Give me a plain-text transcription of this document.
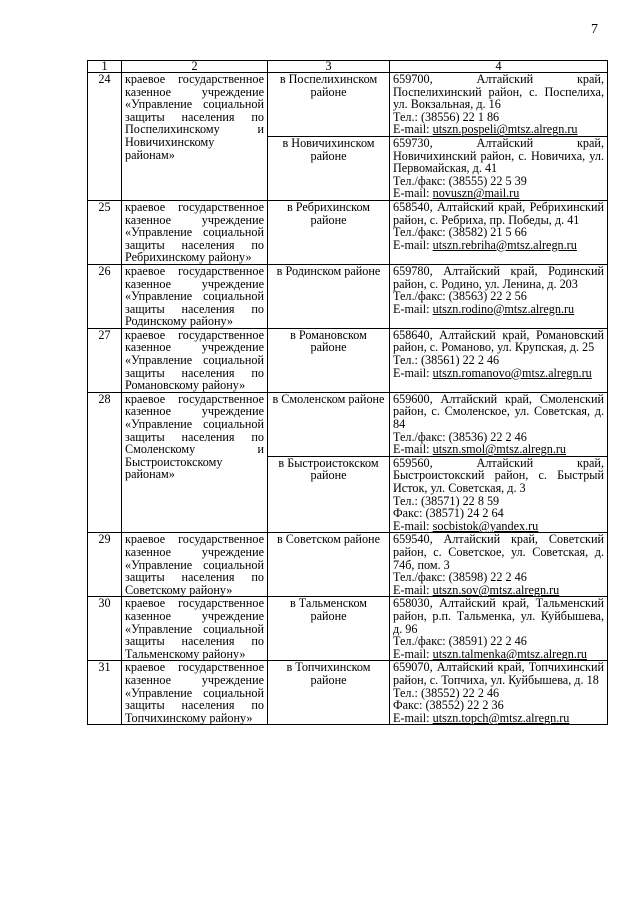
7
1	2	3	4
24	краевое государственное казенное учреждение «Управление социальной защиты населения по Поспелихинскому и Новичихинскому районам»	в Поспелихинском районе	659700, Алтайский край, Поспелихинский район, с. Поспелиха, ул. Вокзальная, д. 16
Тел.: (38556) 22 1 86
E-mail: utszn.pospeli@mtsz.alregn.ru

		в Новичихинском районе	659730, Алтайский край, Новичихинский район, с. Новичиха, ул. Первомайская, д. 41
Тел./факс: (38555) 22 5 39
E-mail: novuszn@mail.ru

25	краевое государственное казенное учреждение «Управление социальной защиты населения по Ребрихинскому району»	в Ребрихинском районе	658540, Алтайский край, Ребрихинский район, с. Ребриха, пр. Победы, д. 41
Тел./факс: (38582) 21 5 66
E-mail: utszn.rebriha@mtsz.alregn.ru

26	краевое государственное казенное учреждение «Управление социальной защиты населения по Родинскому району»	в Родинском районе	659780, Алтайский край, Родинский район, с. Родино, ул. Ленина, д. 203
Тел./факс: (38563) 22 2 56
E-mail: utszn.rodino@mtsz.alregn.ru

27	краевое государственное казенное учреждение «Управление социальной защиты населения по Романовскому району»	в Романовском районе	658640, Алтайский край, Романовский район, с. Романово, ул. Крупская, д. 25
Тел.: (38561) 22 2 46
E-mail: utszn.romanovo@mtsz.alregn.ru

28	краевое государственное казенное учреждение «Управление социальной защиты населения по Смоленскому и Быстроистокскому районам»	в Смоленском районе	659600, Алтайский край, Смоленский район, с. Смоленское, ул. Советская, д. 84
Тел./факс: (38536) 22 2 46
E-mail: utszn.smol@mtsz.alregn.ru

		в Быстроистокском районе	659560, Алтайский край, Быстроистокский район, с. Быстрый Исток, ул. Советская, д. 3
Тел.: (38571) 22 8 59
Факс: (38571) 24 2 64
E-mail: socbistok@yandex.ru

29	краевое государственное казенное учреждение «Управление социальной защиты населения по Советскому району»	в Советском районе	659540, Алтайский край, Советский район, с. Советское, ул. Советская, д. 74б, пом. 3
Тел./факс: (38598) 22 2 46
E-mail: utszn.sov@mtsz.alregn.ru

30	краевое государственное казенное учреждение «Управление социальной защиты населения по Тальменскому району»	в Тальменском районе	658030, Алтайский край, Тальменский район, р.п. Тальменка, ул. Куйбышева, д. 96
Тел./факс: (38591) 22 2 46
E-mail: utszn.talmenka@mtsz.alregn.ru

31	краевое государственное казенное учреждение «Управление социальной защиты населения по Топчихинскому району»	в Топчихинском районе	659070, Алтайский край, Топчихинский район, с. Топчиха, ул. Куйбышева, д. 18
Тел.: (38552) 22 2 46
Факс: (38552) 22 2 36
E-mail: utszn.topch@mtsz.alregn.ru
